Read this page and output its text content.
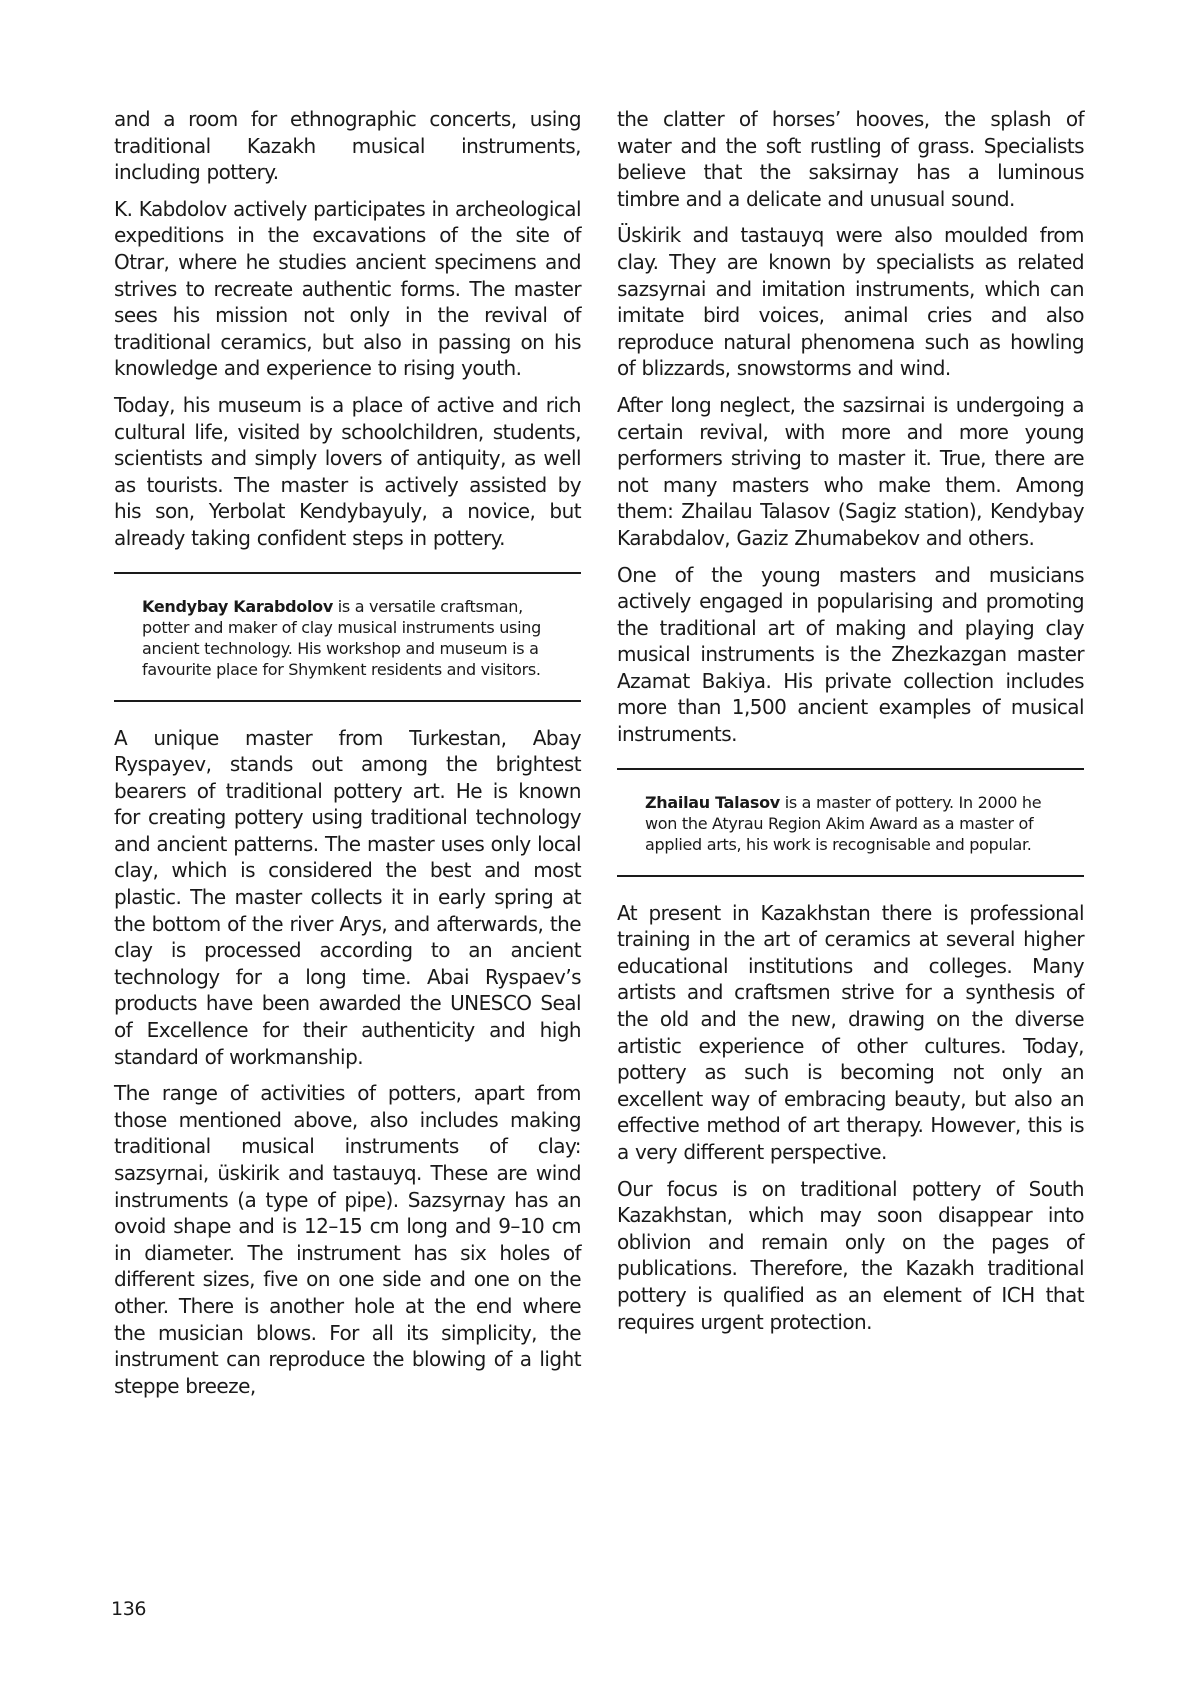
and a room for ethnographic concerts, using traditional Kazakh musical instruments, including pottery.

K. Kabdolov actively participates in archeological expeditions in the excavations of the site of Otrar, where he studies ancient specimens and strives to recreate authentic forms. The master sees his mission not only in the revival of traditional ceramics, but also in passing on his knowledge and experience to rising youth.

Today, his museum is a place of active and rich cultural life, visited by schoolchildren, students, scientists and simply lovers of antiquity, as well as tourists. The master is actively assisted by his son, Yerbolat Kendybayuly, a novice, but already taking confident steps in pottery.

Kendybay Karabdolov is a versatile craftsman, potter and maker of clay musical instruments using ancient technology. His workshop and museum is a favourite place for Shymkent residents and visitors.

A unique master from Turkestan, Abay Ryspayev, stands out among the brightest bearers of traditional pottery art. He is known for creating pottery using traditional technology and ancient patterns. The master uses only local clay, which is considered the best and most plastic. The master collects it in early spring at the bottom of the river Arys, and afterwards, the clay is processed according to an ancient technology for a long time. Abai Ryspaev’s products have been awarded the UNESCO Seal of Excellence for their authenticity and high standard of workmanship.

The range of activities of potters, apart from those mentioned above, also includes making traditional musical instruments of clay: sazsyrnai, üskirik and tastauyq. These are wind instruments (a type of pipe). Sazsyrnay has an ovoid shape and is 12–15 cm long and 9–10 cm in diameter. The instrument has six holes of different sizes, five on one side and one on the other. There is another hole at the end where the musician blows. For all its simplicity, the instrument can reproduce the blowing of a light steppe breeze,

the clatter of horses’ hooves, the splash of water and the soft rustling of grass. Specialists believe that the saksirnay has a luminous timbre and a delicate and unusual sound.

Üskirik and tastauyq were also moulded from clay. They are known by specialists as related sazsyrnai and imitation instruments, which can imitate bird voices, animal cries and also reproduce natural phenomena such as howling of blizzards, snowstorms and wind.

After long neglect, the sazsirnai is undergoing a certain revival, with more and more young performers striving to master it. True, there are not many masters who make them. Among them: Zhailau Talasov (Sagiz station), Kendybay Karabdalov, Gaziz Zhumabekov and others.

One of the young masters and musicians actively engaged in popularising and promoting the traditional art of making and playing clay musical instruments is the Zhezkazgan master Azamat Bakiya. His private collection includes more than 1,500 ancient examples of musical instruments.

Zhailau Talasov is a master of pottery. In 2000 he won the Atyrau Region Akim Award as a master of applied arts, his work is recognisable and popular.

At present in Kazakhstan there is professional training in the art of ceramics at several higher educational institutions and colleges. Many artists and craftsmen strive for a synthesis of the old and the new, drawing on the diverse artistic experience of other cultures. Today, pottery as such is becoming not only an excellent way of embracing beauty, but also an effective method of art therapy. However, this is a very different perspective.

Our focus is on traditional pottery of South Kazakhstan, which may soon disappear into oblivion and remain only on the pages of publications. Therefore, the Kazakh traditional pottery is qualified as an element of ICH that requires urgent protection.

136
